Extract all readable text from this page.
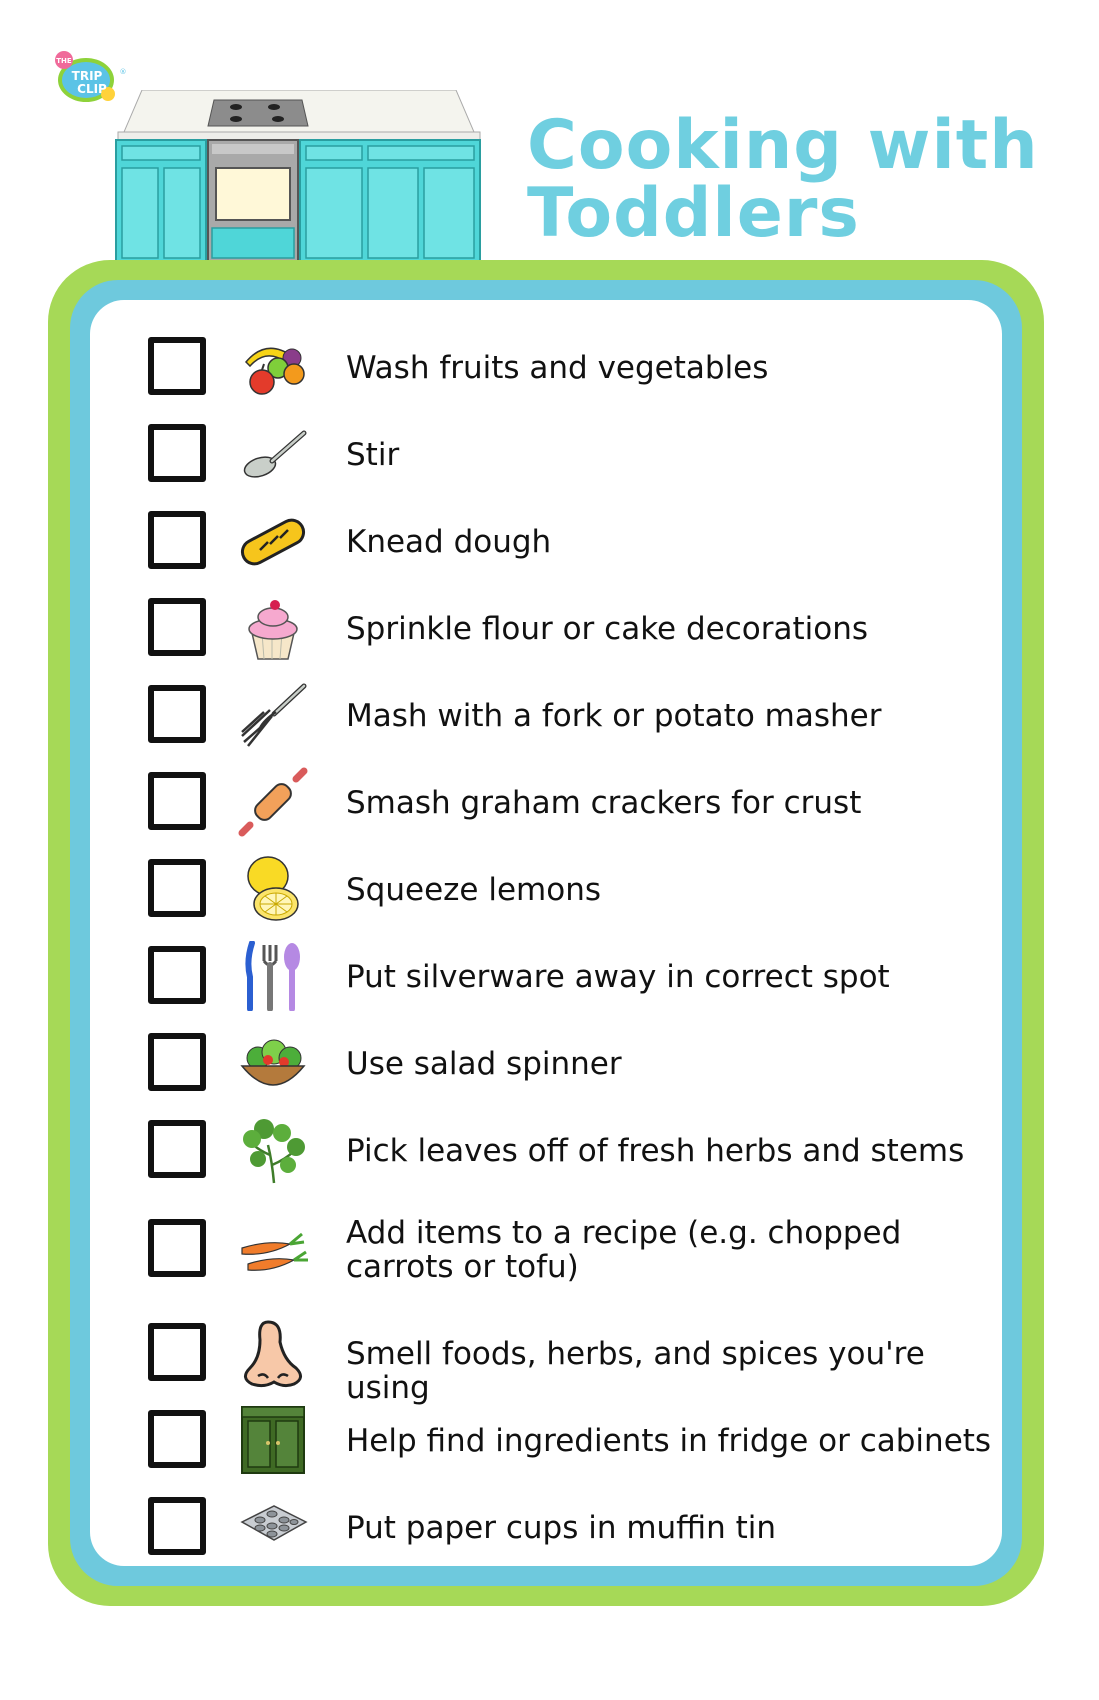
THE
TRIP
CLIP
®
Cooking with
Toddlers
Wash fruits and vegetables
Stir
Knead dough
Sprinkle flour or cake decorations
Mash with a fork or potato masher
Smash graham crackers for crust
Squeeze lemons
Put silverware away in correct spot
Use salad spinner
Pick leaves off of fresh herbs and stems
Add items to a recipe (e.g. chopped carrots or tofu)
Smell foods, herbs, and spices you're using
Help find ingredients in fridge or cabinets
Put paper cups in muffin tin
